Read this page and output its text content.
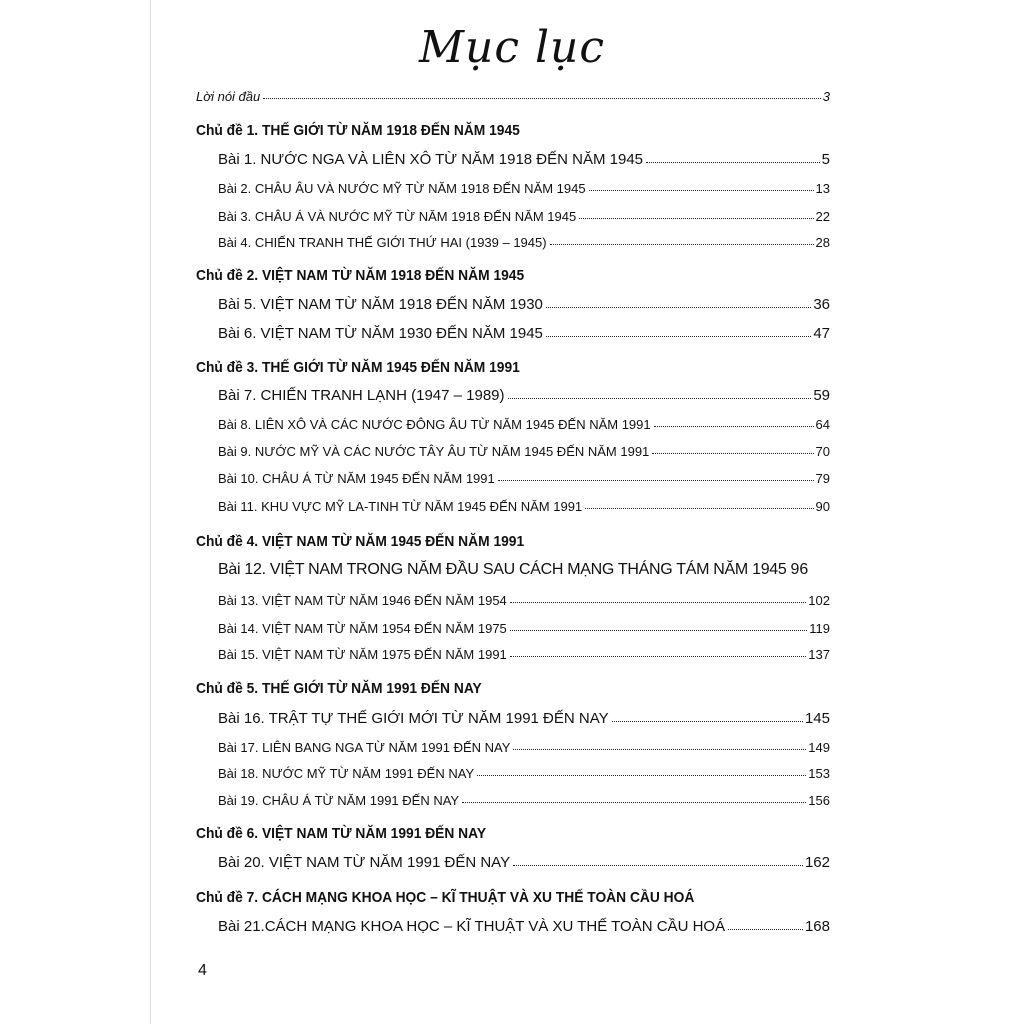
Mục lục
Lời nói đầu	3
Chủ đề 1. THẾ GIỚI TỪ NĂM 1918 ĐẾN NĂM 1945
Bài 1. NƯỚC NGA VÀ LIÊN XÔ TỪ NĂM 1918 ĐẾN NĂM 1945	5
Bài 2. CHÂU ÂU VÀ NƯỚC MỸ TỪ NĂM 1918 ĐẾN NĂM 1945	13
Bài 3. CHÂU Á VÀ NƯỚC MỸ TỪ NĂM 1918 ĐẾN NĂM 1945	22
Bài 4. CHIẾN TRANH THẾ GIỚI THỨ HAI (1939 – 1945)	28
Chủ đề 2. VIỆT NAM TỪ NĂM 1918 ĐẾN NĂM 1945
Bài 5. VIỆT NAM TỪ NĂM 1918 ĐẾN NĂM 1930	36
Bài 6. VIỆT NAM TỪ NĂM 1930 ĐẾN NĂM 1945	47
Chủ đề 3. THẾ GIỚI TỪ NĂM 1945 ĐẾN NĂM 1991
Bài 7. CHIẾN TRANH LẠNH (1947 – 1989)	59
Bài 8. LIÊN XÔ VÀ CÁC NƯỚC ĐÔNG ÂU TỪ NĂM 1945 ĐẾN NĂM 1991	64
Bài 9. NƯỚC MỸ VÀ CÁC NƯỚC TÂY ÂU TỪ NĂM 1945 ĐẾN NĂM 1991	70
Bài 10. CHÂU Á TỪ NĂM 1945 ĐẾN NĂM 1991	79
Bài 11. KHU VỰC MỸ LA-TINH TỪ NĂM 1945 ĐẾN NĂM 1991	90
Chủ đề 4. VIỆT NAM TỪ NĂM 1945 ĐẾN NĂM 1991
Bài 12. VIỆT NAM TRONG NĂM ĐẦU SAU CÁCH MẠNG THÁNG TÁM NĂM 1945 96
Bài 13. VIỆT NAM TỪ NĂM 1946 ĐẾN NĂM 1954	102
Bài 14. VIỆT NAM TỪ NĂM 1954 ĐẾN NĂM 1975	119
Bài 15. VIỆT NAM TỪ NĂM 1975 ĐẾN NĂM 1991	137
Chủ đề 5. THẾ GIỚI TỪ NĂM 1991 ĐẾN NAY
Bài 16. TRẬT TỰ THẾ GIỚI MỚI TỪ NĂM 1991 ĐẾN NAY	145
Bài 17. LIÊN BANG NGA TỪ NĂM 1991 ĐẾN NAY	149
Bài 18. NƯỚC MỸ TỪ NĂM 1991 ĐẾN NAY	153
Bài 19. CHÂU Á TỪ NĂM 1991 ĐẾN NAY	156
Chủ đề 6. VIỆT NAM TỪ NĂM 1991 ĐẾN NAY
Bài 20. VIỆT NAM TỪ NĂM 1991 ĐẾN NAY	162
Chủ đề 7. CÁCH MẠNG KHOA HỌC – KĨ THUẬT VÀ XU THẾ TOÀN CẦU HOÁ
Bài 21.CÁCH MẠNG KHOA HỌC – KĨ THUẬT VÀ XU THẾ TOÀN CẦU HOÁ	168
4
